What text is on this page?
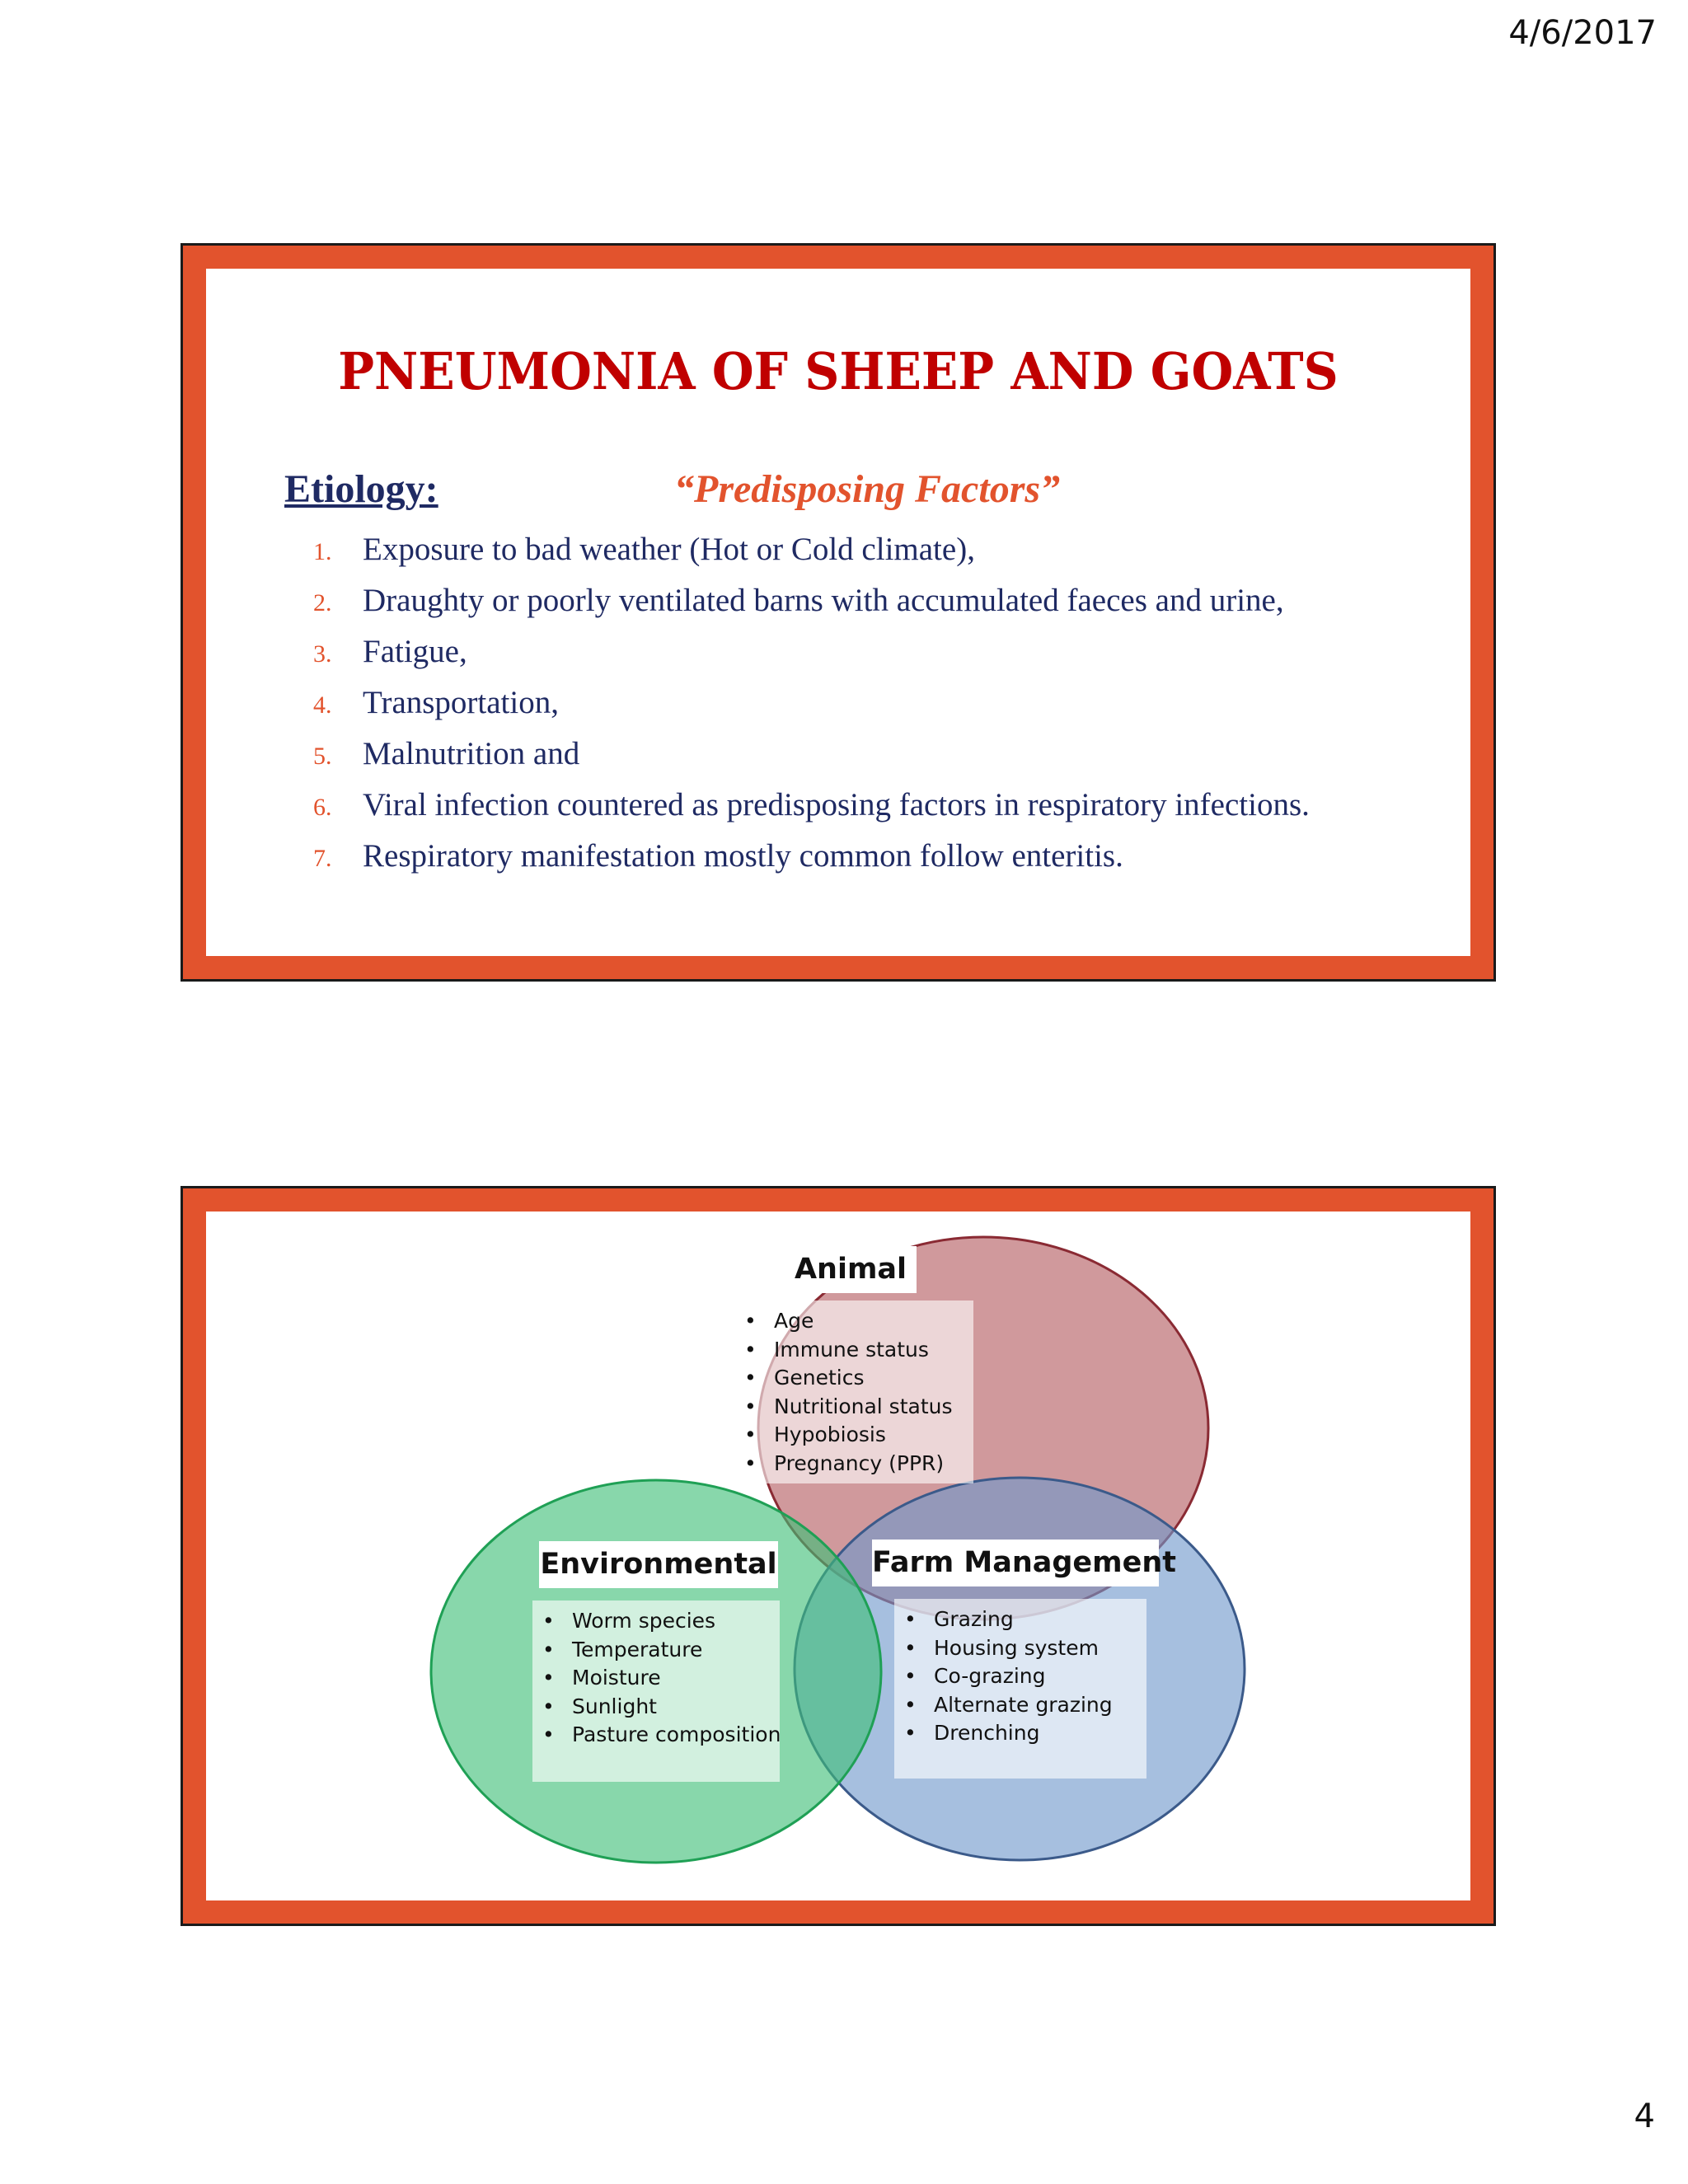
4/6/2017
PNEUMONIA OF SHEEP AND GOATS
Etiology:	“Predisposing Factors”
1. Exposure to bad weather (Hot or Cold climate),
2. Draughty or poorly ventilated barns with accumulated faeces and urine,
3. Fatigue,
4. Transportation,
5. Malnutrition and
6. Viral infection countered as predisposing factors in respiratory infections.
7. Respiratory manifestation mostly common follow enteritis.
Animal
• Age
• Immune status
• Genetics
• Nutritional status
• Hypobiosis
• Pregnancy (PPR)
Environmental
• Worm species
• Temperature
• Moisture
• Sunlight
• Pasture composition
Farm Management
• Grazing
• Housing system
• Co-grazing
• Alternate grazing
• Drenching
4
